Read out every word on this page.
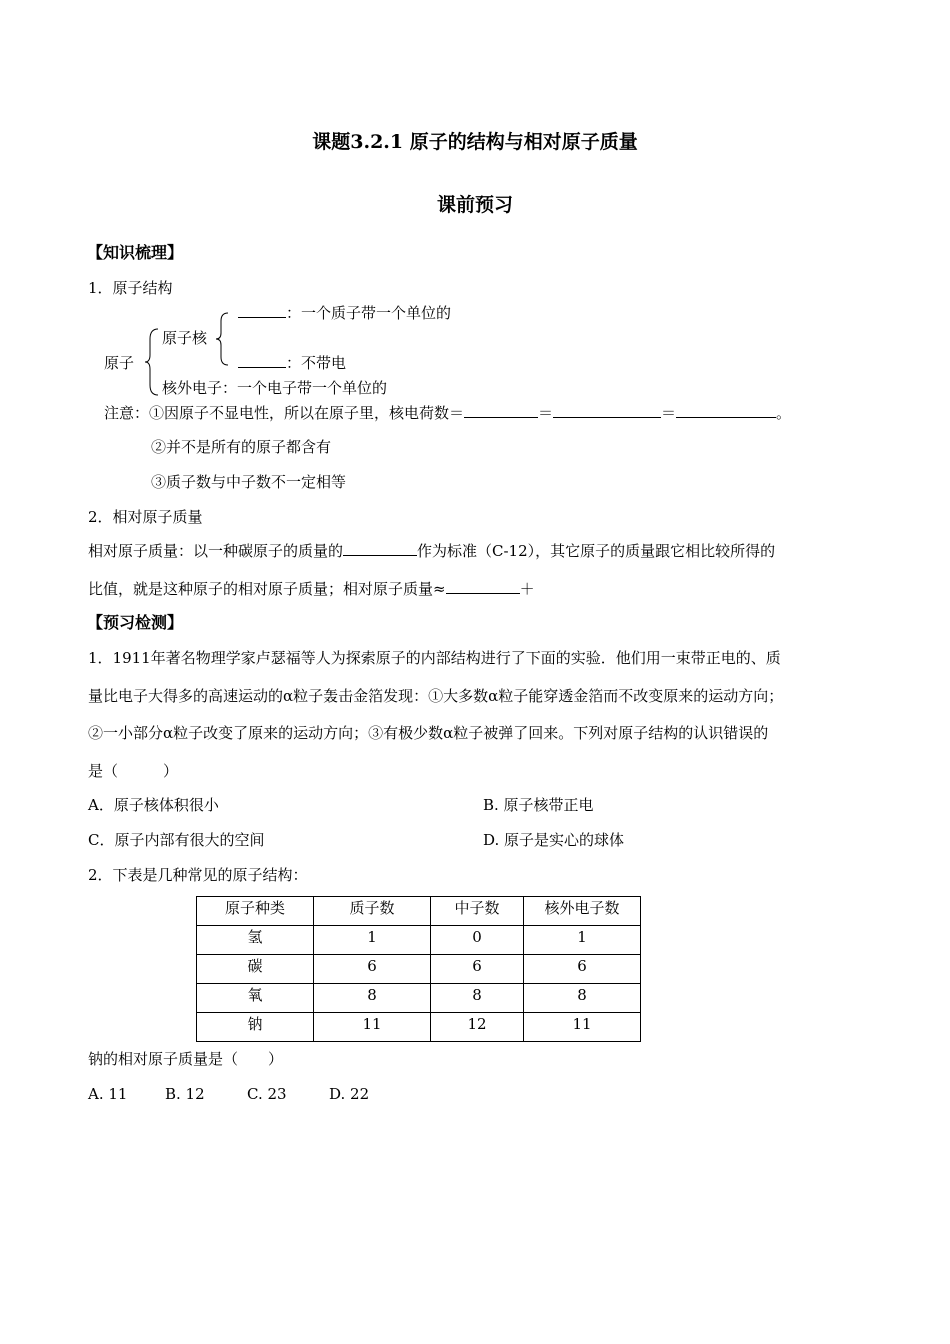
课题3.2.1 原子的结构与相对原子质量
课前预习
【知识梳理】
1．原子结构
原子
原子核
：一个质子带一个单位的
：不带电
核外电子：一个电子带一个单位的
注意：①因原子不显电性，所以在原子里，核电荷数＝	＝	＝	。
②并不是所有的原子都含有
③质子数与中子数不一定相等
2．相对原子质量
相对原子质量：以一种碳原子的质量的	作为标准（C-12），其它原子的质量跟它相比较所得的
比值，就是这种原子的相对原子质量；相对原子质量≈	＋
【预习检测】
1．1911年著名物理学家卢瑟福等人为探索原子的内部结构进行了下面的实验．他们用一束带正电的、质
量比电子大得多的高速运动的α粒子轰击金箔发现：①大多数α粒子能穿透金箔而不改变原来的运动方向；
②一小部分α粒子改变了原来的运动方向；③有极少数α粒子被弹了回来。下列对原子结构的认识错误的
是（　　　）
A．原子核体积很小	B. 原子核带正电
C．原子内部有很大的空间	D. 原子是实心的球体
2．下表是几种常见的原子结构：
原子种类	质子数	中子数	核外电子数
氢	1	0	1
碳	6	6	6
氧	8	8	8
钠	11	12	11
钠的相对原子质量是（　　）
A. 11	B. 12	C. 23	D. 22
